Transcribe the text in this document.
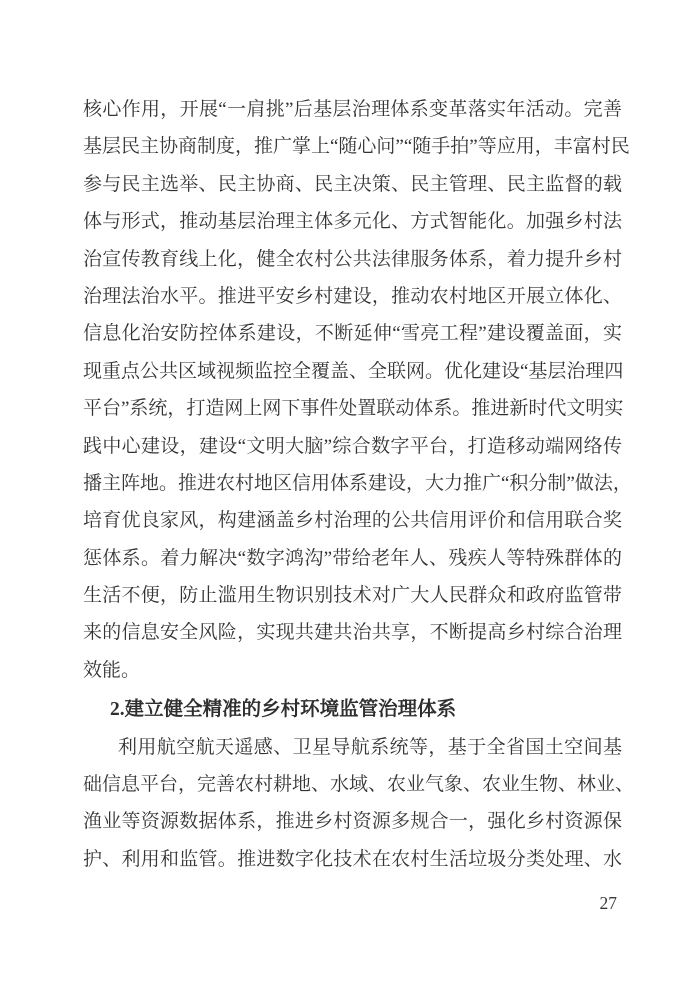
核心作用，开展“一肩挑”后基层治理体系变革落实年活动。完善
基层民主协商制度，推广掌上“随心问”“随手拍”等应用，丰富村民
参与民主选举、民主协商、民主决策、民主管理、民主监督的载
体与形式，推动基层治理主体多元化、方式智能化。加强乡村法
治宣传教育线上化，健全农村公共法律服务体系，着力提升乡村
治理法治水平。推进平安乡村建设，推动农村地区开展立体化、
信息化治安防控体系建设，不断延伸“雪亮工程”建设覆盖面，实
现重点公共区域视频监控全覆盖、全联网。优化建设“基层治理四
平台”系统，打造网上网下事件处置联动体系。推进新时代文明实
践中心建设，建设“文明大脑”综合数字平台，打造移动端网络传
播主阵地。推进农村地区信用体系建设，大力推广“积分制”做法，
培育优良家风，构建涵盖乡村治理的公共信用评价和信用联合奖
惩体系。着力解决“数字鸿沟”带给老年人、残疾人等特殊群体的
生活不便，防止滥用生物识别技术对广大人民群众和政府监管带
来的信息安全风险，实现共建共治共享，不断提高乡村综合治理
效能。
2.建立健全精准的乡村环境监管治理体系
利用航空航天遥感、卫星导航系统等，基于全省国土空间基
础信息平台，完善农村耕地、水域、农业气象、农业生物、林业、
渔业等资源数据体系，推进乡村资源多规合一，强化乡村资源保
护、利用和监管。推进数字化技术在农村生活垃圾分类处理、水
27
